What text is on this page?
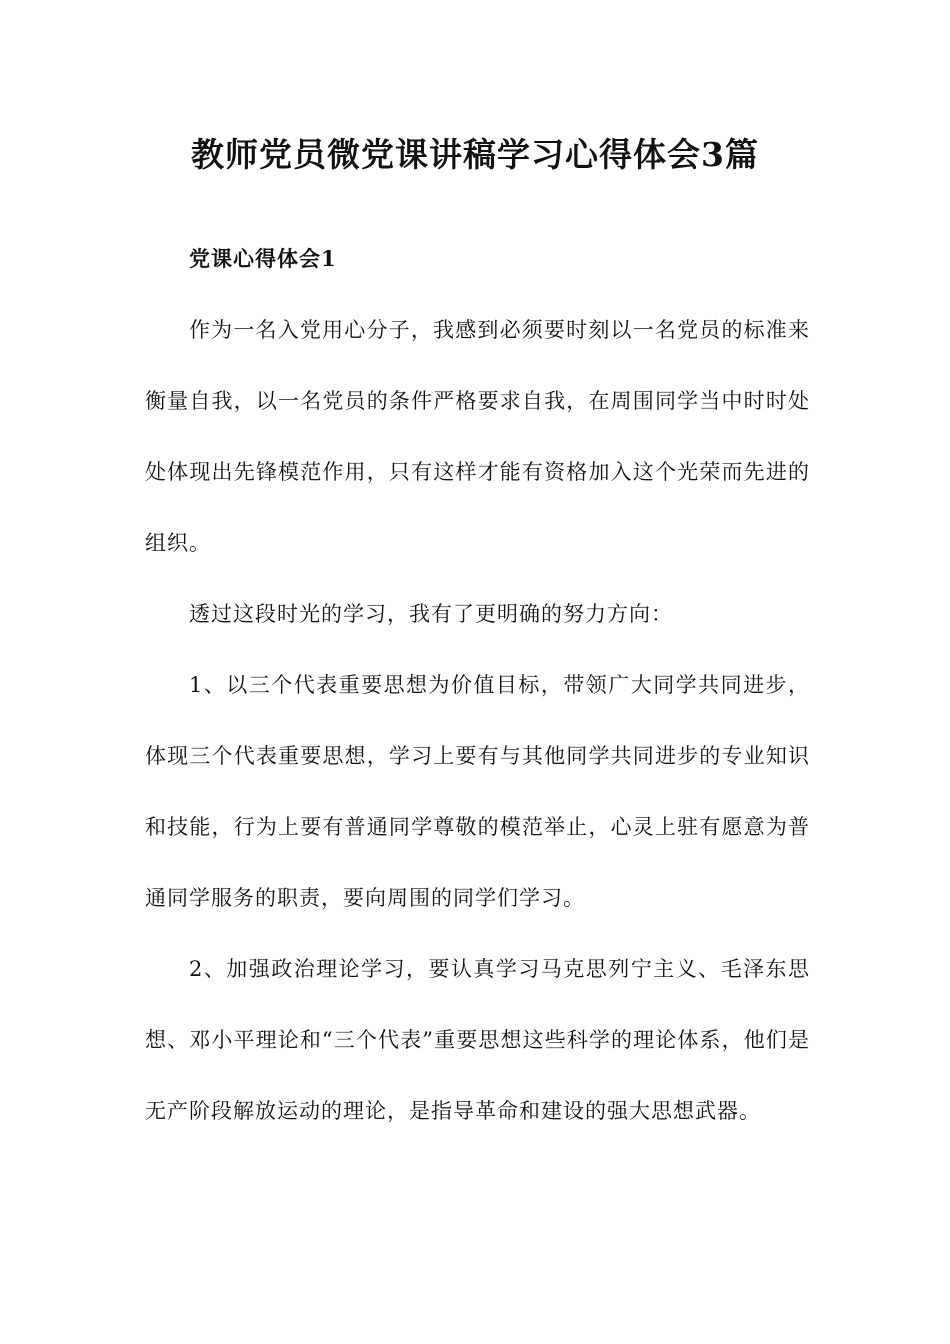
教师党员微党课讲稿学习心得体会3篇

党课心得体会1

作为一名入党用心分子，我感到必须要时刻以一名党员的标准来衡量自我，以一名党员的条件严格要求自我，在周围同学当中时时处处体现出先锋模范作用，只有这样才能有资格加入这个光荣而先进的组织。

透过这段时光的学习，我有了更明确的努力方向：

1、以三个代表重要思想为价值目标，带领广大同学共同进步，体现三个代表重要思想，学习上要有与其他同学共同进步的专业知识和技能，行为上要有普通同学尊敬的模范举止，心灵上驻有愿意为普通同学服务的职责，要向周围的同学们学习。

2、加强政治理论学习，要认真学习马克思列宁主义、毛泽东思想、邓小平理论和“三个代表”重要思想这些科学的理论体系，他们是无产阶段解放运动的理论，是指导革命和建设的强大思想武器。
